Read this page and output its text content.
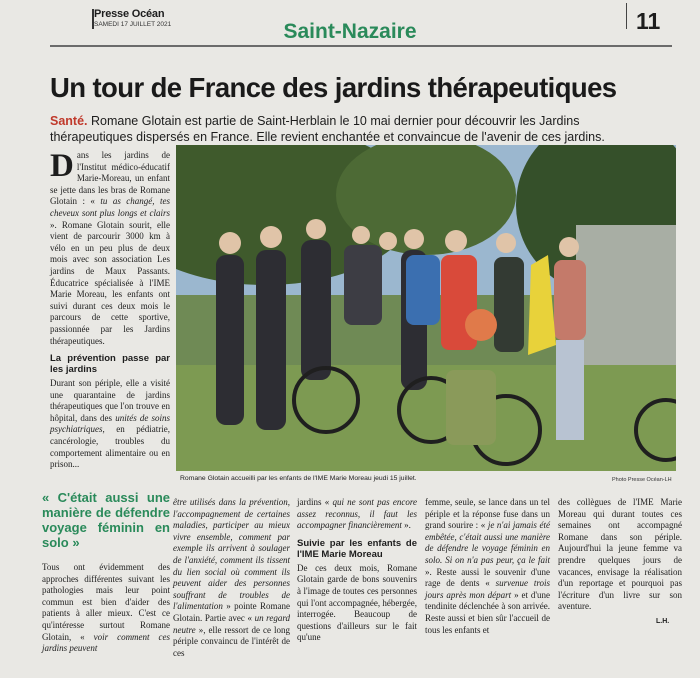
Presse Océan
SAMEDI 17 JUILLET 2021	Saint-Nazaire	11
Un tour de France des jardins thérapeutiques
Santé. Romane Glotain est partie de Saint-Herblain le 10 mai dernier pour découvrir les Jardins thérapeutiques dispersés en France. Elle revient enchantée et convaincue de l'avenir de ces jardins.

Dans les jardins de l'Institut médico-éducatif Marie-Moreau, un enfant se jette dans les bras de Romane Glotain : « tu as changé, tes cheveux sont plus longs et clairs ». Romane Glotain sourit, elle vient de parcourir 3000 km à vélo en un peu plus de deux mois avec son association Les jardins de Maux Passants. Éducatrice spécialisée à l'IME Marie Moreau, les enfants ont suivi durant ces deux mois le parcours de cette sportive, passionnée par les Jardins thérapeutiques.

La prévention passe par les jardins

Durant son périple, elle a visité une quarantaine de jardins thérapeutiques que l'on trouve en hôpital, dans des unités de soins psychiatriques, en pédiatrie, cancérologie, troubles du comportement alimentaire ou en prison...

Romane Glotain accueilli par les enfants de l'IME Marie Moreau jeudi 15 juillet.	Photo Presse Océan-LH
« C'était aussi une manière de défendre voyage féminin en solo »

Tous ont évidemment des approches différentes suivant les pathologies mais leur point commun est bien d'aider des patients à aller mieux. C'est ce qu'intéresse surtout Romane Glotain, « voir comment ces jardins peuvent

être utilisés dans la prévention, l'accompagnement de certaines maladies, participer au mieux vivre ensemble, comment par exemple ils arrivent à soulager de l'anxiété, comment ils tissent du lien social où comment ils peuvent aider des personnes souffrant de troubles de l'alimentation » pointe Romane Glotain. Partie avec « un regard neutre », elle ressort de ce long périple convaincu de l'intérêt de ces

jardins « qui ne sont pas encore assez reconnus, il faut les accompagner financièrement ».

Suivie par les enfants de l'IME Marie Moreau

De ces deux mois, Romane Glotain garde de bons souvenirs à l'image de toutes ces personnes qui l'ont accompagnée, hébergée, interrogée. Beaucoup de questions d'ailleurs sur le fait qu'une

femme, seule, se lance dans un tel périple et la réponse fuse dans un grand sourire : « je n'ai jamais été embêtée, c'était aussi une manière de défendre le voyage féminin en solo. Si on n'a pas peur, ça le fait ». Reste aussi le souvenir d'une rage de dents « survenue trois jours après mon départ » et d'une tendinite déclenchée à son arrivée. Reste aussi et bien sûr l'accueil de tous les enfants et

des collègues de l'IME Marie Moreau qui durant toutes ces semaines ont accompagné Romane dans son périple. Aujourd'hui la jeune femme va prendre quelques jours de vacances, envisage la réalisation d'un reportage et pourquoi pas l'écriture d'un livre sur son aventure.

L.H.
